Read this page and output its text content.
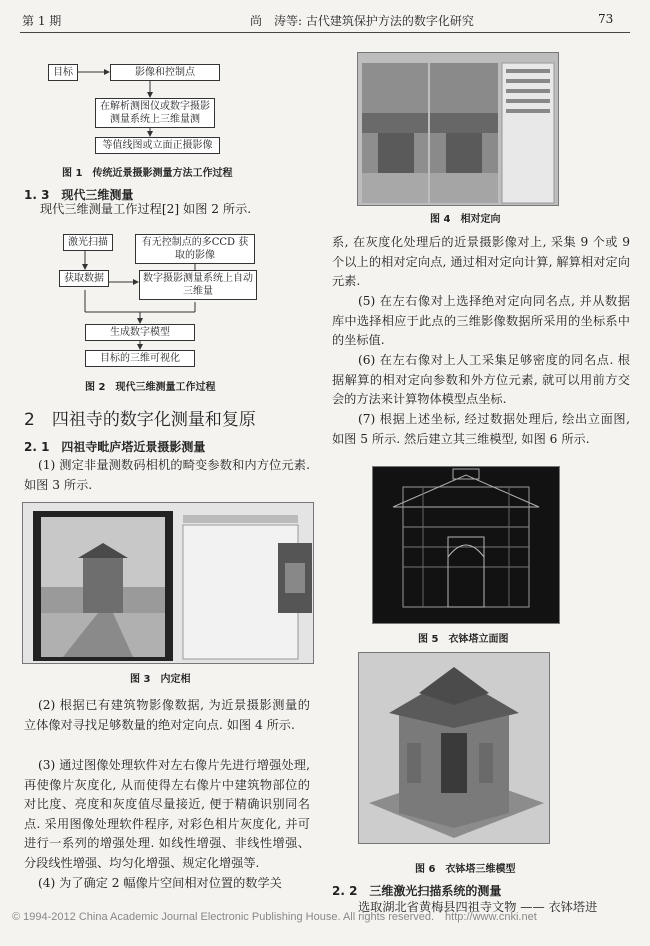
第 1 期	尚　涛等: 古代建筑保护方法的数字化研究	73
目标	影像和控制点
在解析测图仪或数字摄影测量系统上三维量测
等值线图或立面正摄影像
图 1　传统近景摄影测量方法工作过程
1. 3　现代三维测量

现代三维测量工作过程[2] 如图 2 所示.

激光扫描	有无控制点的多CCD 获取的影像
获取数据	数字摄影测量系统上自动三维量
生成数字模型
目标的三维可视化
图 2　现代三维测量工作过程
2　四祖寺的数字化测量和复原
2. 1　四祖寺毗庐塔近景摄影测量

(1) 测定非量测数码相机的畸变参数和内方位元素. 如图 3 所示.

图 3　内定相

(2) 根据已有建筑物影像数据, 为近景摄影测量的立体像对寻找足够数量的绝对定向点. 如图 4 所示.

(3) 通过图像处理软件对左右像片先进行增强处理, 再使像片灰度化, 从而使得左右像片中建筑物部位的对比度、亮度和灰度值尽量接近, 便于精确识别同名点. 采用图像处理软件程序, 对彩色相片灰度化, 并可进行一系列的增强处理. 如线性增强、非线性增强、分段线性增强、均匀化增强、规定化增强等.

(4) 为了确定 2 幅像片空间相对位置的数学关

图 4　相对定向

系, 在灰度化处理后的近景摄影像对上, 采集 9 个或 9 个以上的相对定向点, 通过相对定向计算, 解算相对定向元素.

(5) 在左右像对上选择绝对定向同名点, 并从数据库中选择相应于此点的三维影像数据所采用的坐标系中的坐标值.

(6) 在左右像对上人工采集足够密度的同名点. 根据解算的相对定向参数和外方位元素, 就可以用前方交会的方法来计算物体模型点坐标.

(7) 根据上述坐标, 经过数据处理后, 绘出立面图, 如图 5 所示. 然后建立其三维模型, 如图 6 所示.

图 5　衣钵塔立面图
图 6　衣钵塔三维模型
2. 2　三维激光扫描系统的测量

选取湖北省黄梅县四祖寺文物 —— 衣钵塔进

© 1994-2012 China Academic Journal Electronic Publishing House. All rights reserved.　http://www.cnki.net
